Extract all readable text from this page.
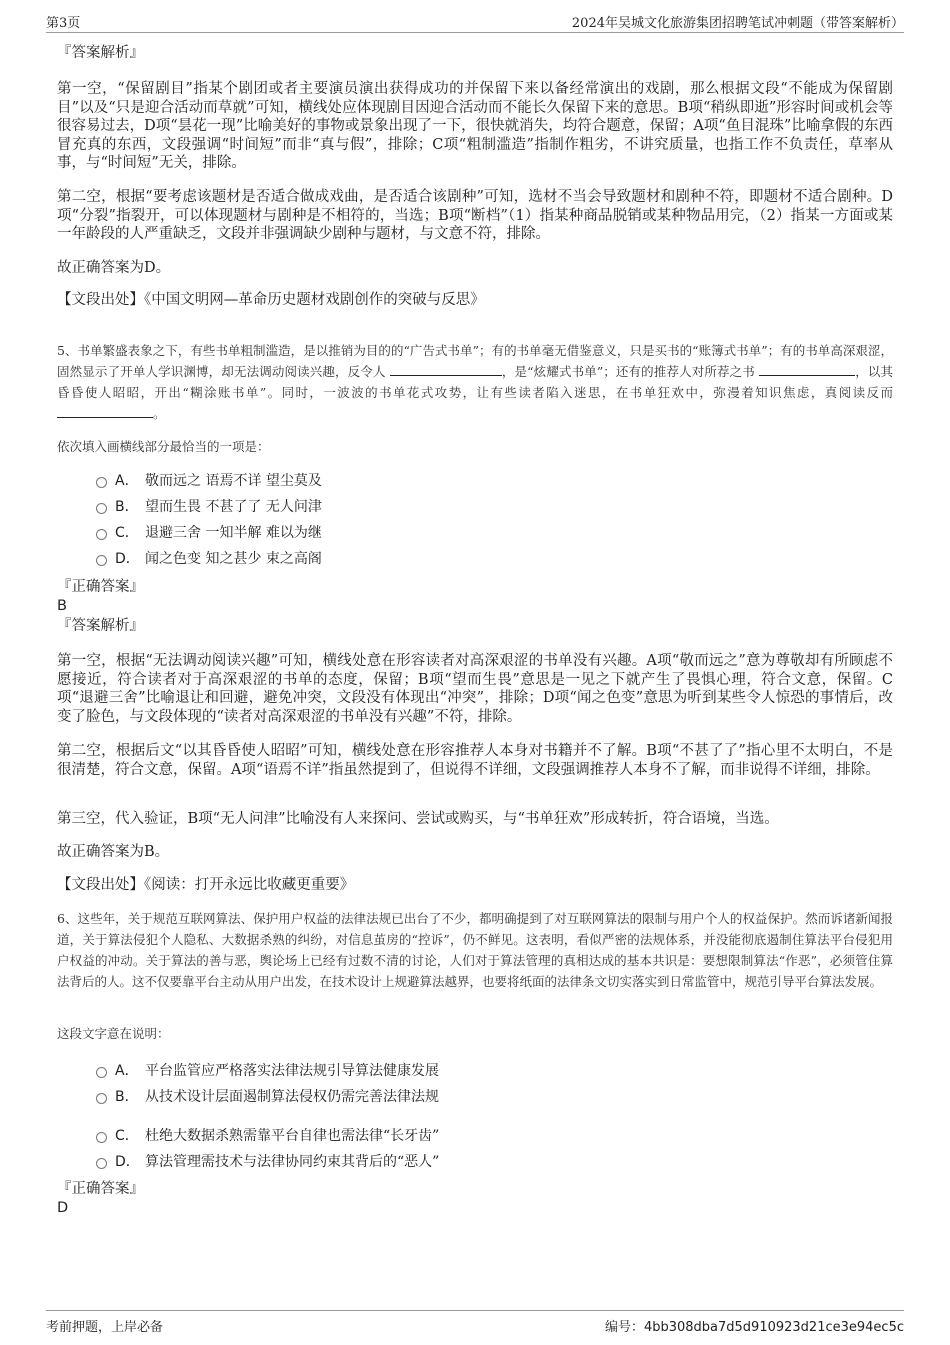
第3页	2024年吴城文化旅游集团招聘笔试冲刺题（带答案解析）

『答案解析』

第一空，“保留剧目”指某个剧团或者主要演员演出获得成功的并保留下来以备经常演出的戏剧，那么根据文段“不能成为保留剧目”以及“只是迎合活动而草就”可知，横线处应体现剧目因迎合活动而不能长久保留下来的意思。B项“稍纵即逝”形容时间或机会等很容易过去，D项“昙花一现”比喻美好的事物或景象出现了一下，很快就消失，均符合题意，保留；A项“鱼目混珠”比喻拿假的东西冒充真的东西，文段强调“时间短”而非“真与假”，排除；C项“粗制滥造”指制作粗劣，不讲究质量，也指工作不负责任，草率从事，与“时间短”无关，排除。

第二空，根据“要考虑该题材是否适合做成戏曲，是否适合该剧种”可知，选材不当会导致题材和剧种不符，即题材不适合剧种。D项“分裂”指裂开，可以体现题材与剧种是不相符的，当选；B项“断档”（1）指某种商品脱销或某种物品用完，（2）指某一方面或某一年龄段的人严重缺乏，文段并非强调缺少剧种与题材，与文意不符，排除。

故正确答案为D。

【文段出处】《中国文明网—革命历史题材戏剧创作的突破与反思》

5、书单繁盛表象之下，有些书单粗制滥造，是以推销为目的的“广告式书单”；有的书单毫无借鉴意义，只是买书的“账簿式书单”；有的书单高深艰涩，固然显示了开单人学识渊博，却无法调动阅读兴趣，反令人	，是“炫耀式书单”；还有的推荐人对所荐之书	，以其昏昏使人昭昭，开出“糊涂账书单”。同时，一波波的书单花式攻势，让有些读者陷入迷思，在书单狂欢中，弥漫着知识焦虑，真阅读反而 。

依次填入画横线部分最恰当的一项是：

A． 敬而远之 语焉不详 望尘莫及
B． 望而生畏 不甚了了 无人问津
C． 退避三舍 一知半解 难以为继
D． 闻之色变 知之甚少 束之高阁

『正确答案』

B

『答案解析』

第一空，根据“无法调动阅读兴趣”可知，横线处意在形容读者对高深艰涩的书单没有兴趣。A项“敬而远之”意为尊敬却有所顾虑不愿接近，符合读者对于高深艰涩的书单的态度，保留；B项“望而生畏”意思是一见之下就产生了畏惧心理，符合文意，保留。C项“退避三舍”比喻退让和回避，避免冲突，文段没有体现出“冲突”，排除；D项“闻之色变”意思为听到某些令人惊恐的事情后，改变了脸色，与文段体现的“读者对高深艰涩的书单没有兴趣”不符，排除。

第二空，根据后文“以其昏昏使人昭昭”可知，横线处意在形容推荐人本身对书籍并不了解。B项“不甚了了”指心里不太明白，不是很清楚，符合文意，保留。A项“语焉不详”指虽然提到了，但说得不详细，文段强调推荐人本身不了解，而非说得不详细，排除。

第三空，代入验证，B项“无人问津”比喻没有人来探问、尝试或购买，与“书单狂欢”形成转折，符合语境，当选。

故正确答案为B。

【文段出处】《阅读：打开永远比收藏更重要》

6、这些年，关于规范互联网算法、保护用户权益的法律法规已出台了不少，都明确提到了对互联网算法的限制与用户个人的权益保护。然而诉诸新闻报道，关于算法侵犯个人隐私、大数据杀熟的纠纷，对信息茧房的“控诉”，仍不鲜见。这表明，看似严密的法规体系，并没能彻底遏制住算法平台侵犯用户权益的冲动。关于算法的善与恶，舆论场上已经有过数不清的讨论，人们对于算法管理的真相达成的基本共识是：要想限制算法“作恶”，必须管住算法背后的人。这不仅要靠平台主动从用户出发，在技术设计上规避算法越界，也要将纸面的法律条文切实落实到日常监管中，规范引导平台算法发展。

这段文字意在说明：

A． 平台监管应严格落实法律法规引导算法健康发展
B． 从技术设计层面遏制算法侵权仍需完善法律法规
C． 杜绝大数据杀熟需靠平台自律也需法律“长牙齿”
D． 算法管理需技术与法律协同约束其背后的“恶人”

『正确答案』

D

考前押题，上岸必备	编号：4bb308dba7d5d910923d21ce3e94ec5c
